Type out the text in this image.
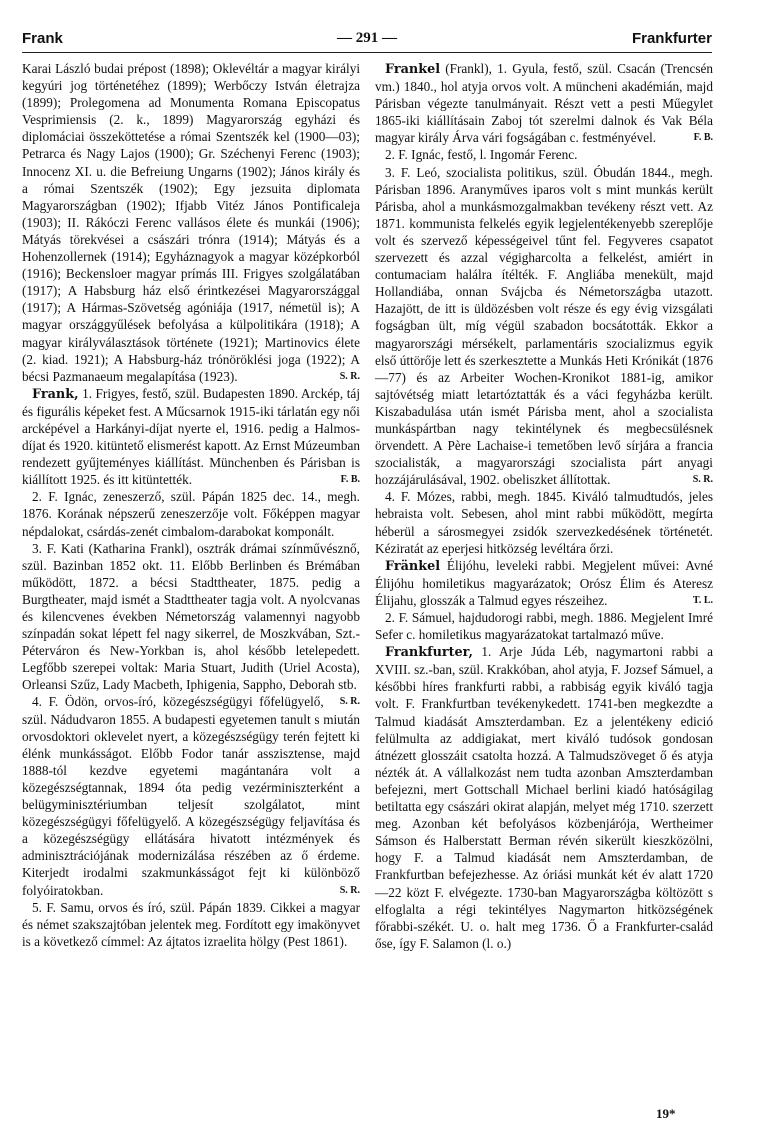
Frank	— 291 —	Frankfurter

Karai László budai prépost (1898); Oklevéltár a magyar királyi kegyúri jog történetéhez (1899); Werbőczy István életrajza (1899); Prolegomena ad Monumenta Romana Episcopatus Vesprimiensis (2. k., 1899) Magyarország egyházi és diplomáciai összeköttetése a római Szentszék kel (1900—03); Petrarca és Nagy Lajos (1900); Gr. Széchenyi Ferenc (1903); Innocenz XI. u. die Befreiung Ungarns (1902); János király és a római Szentszék (1902); Egy jezsuita diplomata Magyarországban (1902); Ifjabb Vitéz János Pontificaleja (1903); II. Rákóczi Ferenc vallásos élete és munkái (1906); Mátyás törekvései a császári trónra (1914); Mátyás és a Hohenzollernek (1914); Egyháznagyok a magyar középkorból (1916); Beckensloer magyar prímás III. Frigyes szolgálatában (1917); A Habsburg ház első érintkezései Magyarországgal (1917); A Hármas-Szövetség agóniája (1917, németül is); A magyar országgyűlések befolyása a külpolitikára (1918); A magyar királyválasztások története (1921); Martinovics élete (2. kiad. 1921); A Habsburg-ház trónöröklési joga (1922); A bécsi Pazmanaeum megalapítása (1923).	S. R.

Frank, 1. Frigyes, festő, szül. Budapesten 1890. Arckép, táj és figurális képeket fest. A Műcsarnok 1915-iki tárlatán egy női arcképével a Harkányi-díjat nyerte el, 1916. pedig a Halmos-díjat és 1920. kitüntető elismerést kapott. Az Ernst Múzeumban rendezett gyűjteményes kiállítást. Münchenben és Párisban is kiállított 1925. és itt kitüntették.	F. B.

2. F. Ignác, zeneszerző, szül. Pápán 1825 dec. 14., megh. 1876. Korának népszerű zeneszerzője volt. Főképpen magyar népdalokat, csárdás-zenét cimbalom-darabokat komponált.

3. F. Kati (Katharina Frankl), osztrák drámai színművésznő, szül. Bazinban 1852 okt. 11. Előbb Berlinben és Brémában működött, 1872. a bécsi Stadttheater, 1875. pedig a Burgtheater, majd ismét a Stadttheater tagja volt. A nyolcvanas és kilencvenes években Németország valamennyi nagyobb színpadán sokat lépett fel nagy sikerrel, de Moszkvában, Szt.-Péterváron és New-Yorkban is, ahol később letelepedett. Legfőbb szerepei voltak: Maria Stuart, Judith (Uriel Acosta), Orleansi Szűz, Lady Macbeth, Iphigenia, Sappho, Deborah stb.
S. R.

4. F. Ödön, orvos-író, közegészségügyi főfelügyelő, szül. Nádudvaron 1855. A budapesti egyetemen tanult s miután orvosdoktori oklevelet nyert, a közegészségügy terén fejtett ki élénk munkásságot. Előbb Fodor tanár asszisztense, majd 1888-tól kezdve egyetemi magántanára volt a közegészségtannak, 1894 óta pedig vezérminiszterként a belügyminisztériumban teljesít szolgálatot, mint közegészségügyi főfelügyelő. A közegészségügy feljavítása és a közegészségügy ellátására hivatott intézmények és adminisztrációjának modernizálása részében az ő érdeme. Kiterjedt irodalmi szakmunkásságot fejt ki különböző folyóiratokban.	S. R.

5. F. Samu, orvos és író, szül. Pápán 1839. Cikkei a magyar és német szakszajtóban jelentek meg. Fordított egy imakönyvet is a következő címmel: Az ájtatos izraelita hölgy (Pest 1861).

Frankel (Frankl), 1. Gyula, festő, szül. Csacán (Trencsén vm.) 1840., hol atyja orvos volt. A müncheni akadémián, majd Párisban végezte tanulmányait. Részt vett a pesti Műegylet 1865-iki kiállításain Zaboj tót szerelmi dalnok és Vak Béla magyar király Árva vári fogságában c. festményével.	F. B.

2. F. Ignác, festő, l. Ingomár Ferenc.

3. F. Leó, szocialista politikus, szül. Óbudán 1844., megh. Párisban 1896. Aranyműves iparos volt s mint munkás került Párisba, ahol a munkásmozgalmakban tevékeny részt vett. Az 1871. kommunista felkelés egyik legjelentékenyebb szereplője volt és szervező képességeivel tűnt fel. Fegyveres csapatot szervezett és azzal végigharcolta a felkelést, amiért in contumaciam halálra ítélték. F. Angliába menekült, majd Hollandiába, onnan Svájcba és Németországba utazott. Hazajött, de itt is üldözésben volt része és egy évig vizsgálati fogságban ült, míg végül szabadon bocsátották. Ekkor a magyarországi mérsékelt, parlamentáris szocializmus egyik első úttörője lett és szerkesztette a Munkás Heti Krónikát (1876—77) és az Arbeiter Wochen-Kronikot 1881-ig, amikor sajtóvétség miatt letartóztatták és a váci fegyházba került. Kiszabadulása után ismét Párisba ment, ahol a szocialista munkáspártban nagy tekintélynek és megbecsülésnek örvendett. A Père Lachaise-i temetőben levő sírjára a francia szocialisták, a magyarországi szocialista párt anyagi hozzájárulásával, 1902. obeliszket állítottak.	S. R.

4. F. Mózes, rabbi, megh. 1845. Kiváló talmudtudós, jeles hebraista volt. Sebesen, ahol mint rabbi működött, megírta héberül a sárosmegyei zsidók szervezkedésének történetét. Kéziratát az eperjesi hitközség levéltára őrzi.

Fränkel Élijóhu, leveleki rabbi. Megjelent művei: Avné Élijóhu homiletikus magyarázatok; Orósz Élim és Ateresz Élijahu, glosszák a Talmud egyes részeihez.	T. L.

2. F. Sámuel, hajdudorogi rabbi, megh. 1886. Megjelent Imré Sefer c. homiletikus magyarázatokat tartalmazó műve.

Frankfurter, 1. Arje Júda Léb, nagymartoni rabbi a XVIII. sz.-ban, szül. Krakkóban, ahol atyja, F. Jozsef Sámuel, a későbbi híres frankfurti rabbi, a rabbiság egyik kiváló tagja volt. F. Frankfurtban tevékenykedett. 1741-ben megkezdte a Talmud kiadását Amszterdamban. Ez a jelentékeny edició felülmulta az addigiakat, mert kiváló tudósok gondosan átnézett glosszáit csatolta hozzá. A Talmudszöveget ő és atyja nézték át. A vállalkozást nem tudta azonban Amszterdamban befejezni, mert Gottschall Michael berlini kiadó hatóságilag betiltatta egy császári okirat alapján, melyet még 1710. szerzett meg. Azonban két befolyásos közbenjárója, Wertheimer Sámson és Halberstatt Berman révén sikerült kieszközölni, hogy F. a Talmud kiadását nem Amszterdamban, de Frankfurtban befejezhesse. Az óriási munkát két év alatt 1720—22 közt F. elvégezte. 1730-ban Magyarországba költözött s elfoglalta a régi tekintélyes Nagymarton hitközségének főrabbi-székét. U. o. halt meg 1736. Ő a Frankfurter-család őse, így F. Salamon (l. o.)

19*
